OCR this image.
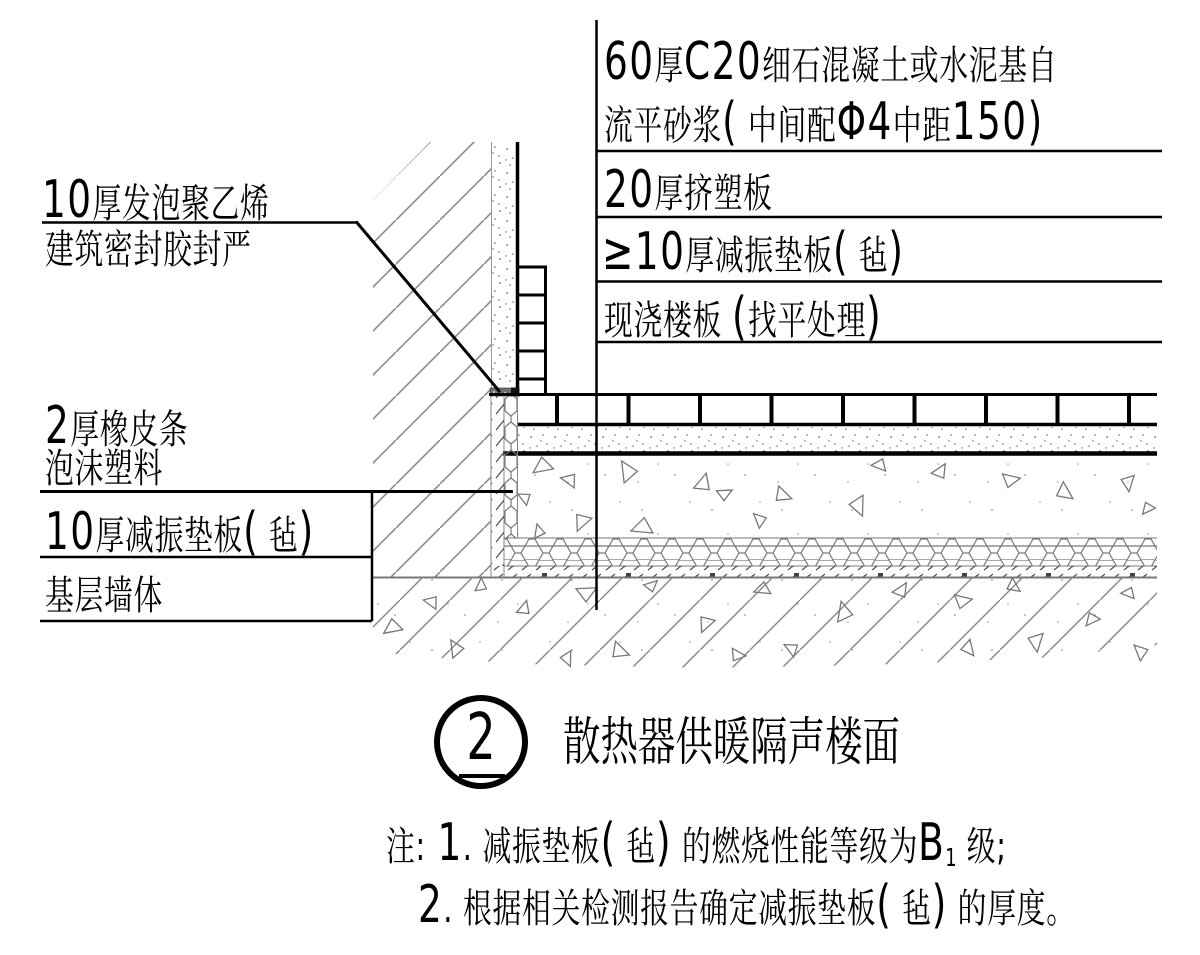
60厚C20细石混凝土或水泥基自
流平砂浆( 中间配Φ4中距150)
20厚挤塑板
≥10厚减振垫板( 毡)
现浇楼板 (找平处理)
10厚发泡聚乙烯
建筑密封胶封严
2厚橡皮条
泡沫塑料
10厚减振垫板( 毡)
基层墙体
2 散热器供暖隔声楼面
注: 1. 减振垫板( 毡) 的燃烧性能等级为B1 级;
2. 根据相关检测报告确定减振垫板( 毡) 的厚度。
